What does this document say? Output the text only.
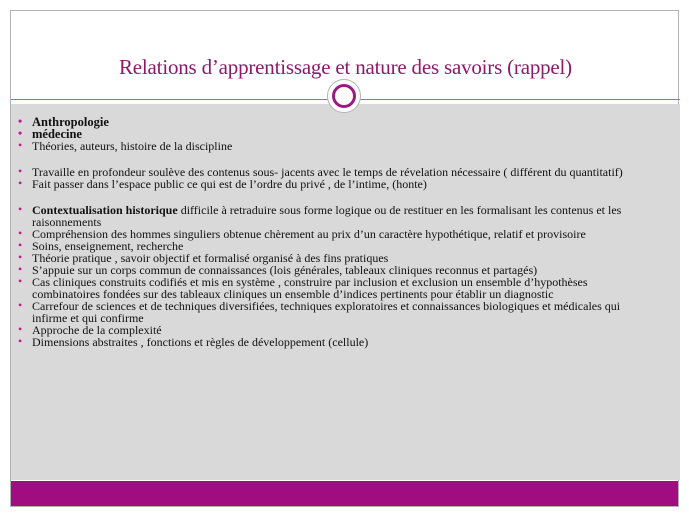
Relations d’apprentissage et nature des savoirs (rappel)
• Anthropologie
• médecine
• Théories, auteurs, histoire de la discipline
• Travaille en profondeur soulève des contenus sous- jacents avec le temps de révelation nécessaire ( différent du quantitatif)
• Fait passer dans l’espace public ce qui est de l’ordre du privé , de l’intime, (honte)
• Contextualisation historique difficile à retraduire sous forme logique ou de restituer en les formalisant les contenus et les raisonnements
• Compréhension des hommes singuliers obtenue chèrement au prix d’un caractère hypothétique, relatif et provisoire
• Soins, enseignement, recherche
• Théorie pratique , savoir objectif et formalisé organisé à des fins pratiques
• S’appuie sur un corps commun de connaissances (lois générales, tableaux cliniques reconnus et partagés)
• Cas cliniques construits codifiés et mis en système , construire par inclusion et exclusion un ensemble d’hypothèses combinatoires fondées sur des tableaux cliniques un ensemble d’indices pertinents pour établir un diagnostic
• Carrefour de sciences et de techniques diversifiées, techniques exploratoires et connaissances biologiques et médicales qui infirme et qui confirme
• Approche de la complexité
• Dimensions abstraites , fonctions et règles de développement (cellule)
